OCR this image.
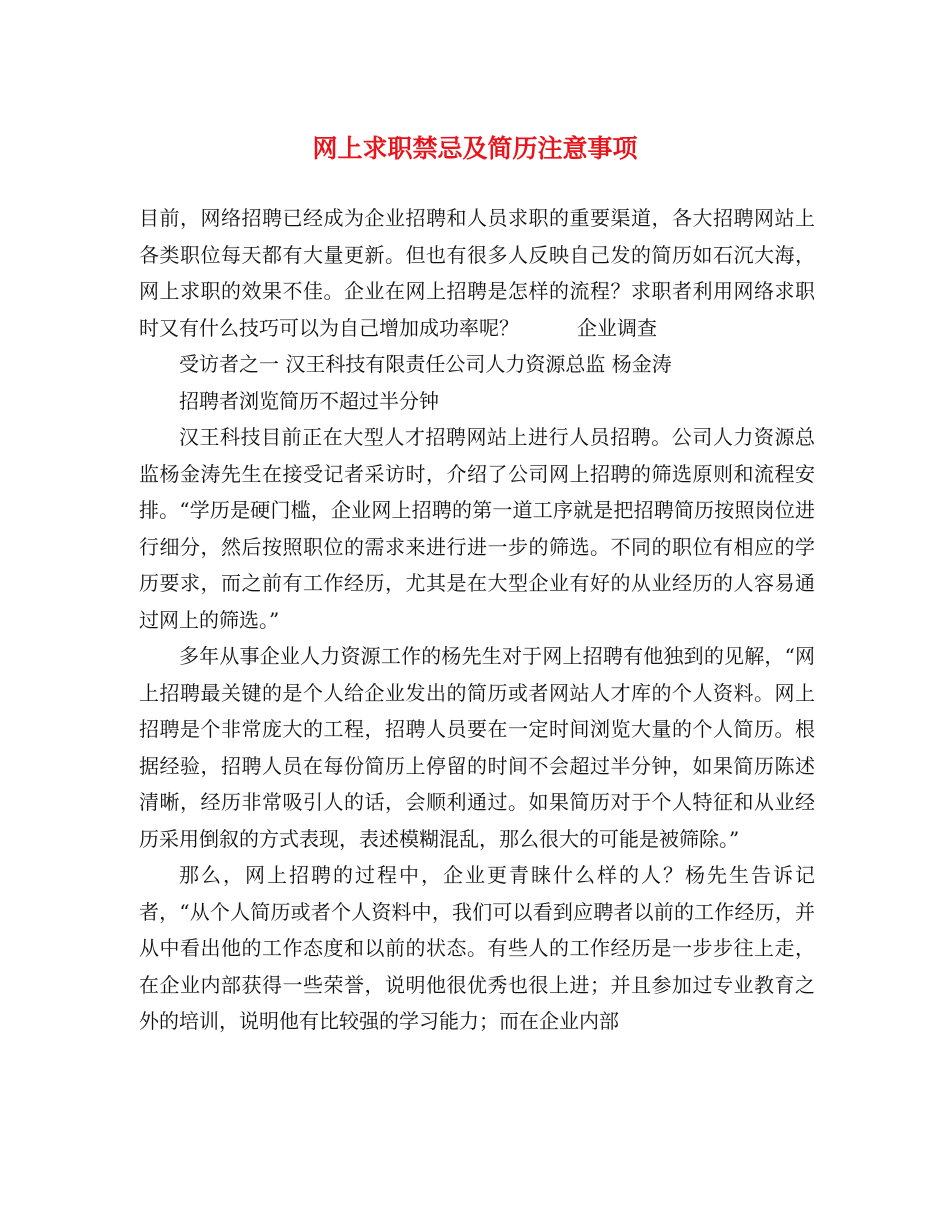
网上求职禁忌及简历注意事项

目前，网络招聘已经成为企业招聘和人员求职的重要渠道，各大招聘网站上各类职位每天都有大量更新。但也有很多人反映自己发的简历如石沉大海，网上求职的效果不佳。企业在网上招聘是怎样的流程？求职者利用网络求职时又有什么技巧可以为自己增加成功率呢？	企业调查

受访者之一 汉王科技有限责任公司人力资源总监 杨金涛

招聘者浏览简历不超过半分钟

汉王科技目前正在大型人才招聘网站上进行人员招聘。公司人力资源总监杨金涛先生在接受记者采访时，介绍了公司网上招聘的筛选原则和流程安排。“学历是硬门槛，企业网上招聘的第一道工序就是把招聘简历按照岗位进行细分，然后按照职位的需求来进行进一步的筛选。不同的职位有相应的学历要求，而之前有工作经历，尤其是在大型企业有好的从业经历的人容易通过网上的筛选。”

多年从事企业人力资源工作的杨先生对于网上招聘有他独到的见解，“网上招聘最关键的是个人给企业发出的简历或者网站人才库的个人资料。网上招聘是个非常庞大的工程，招聘人员要在一定时间浏览大量的个人简历。根据经验，招聘人员在每份简历上停留的时间不会超过半分钟，如果简历陈述清晰，经历非常吸引人的话，会顺利通过。如果简历对于个人特征和从业经历采用倒叙的方式表现，表述模糊混乱，那么很大的可能是被筛除。”

那么，网上招聘的过程中，企业更青睐什么样的人？杨先生告诉记者，“从个人简历或者个人资料中，我们可以看到应聘者以前的工作经历，并从中看出他的工作态度和以前的状态。有些人的工作经历是一步步往上走，在企业内部获得一些荣誉，说明他很优秀也很上进；并且参加过专业教育之外的培训，说明他有比较强的学习能力；而在企业内部
